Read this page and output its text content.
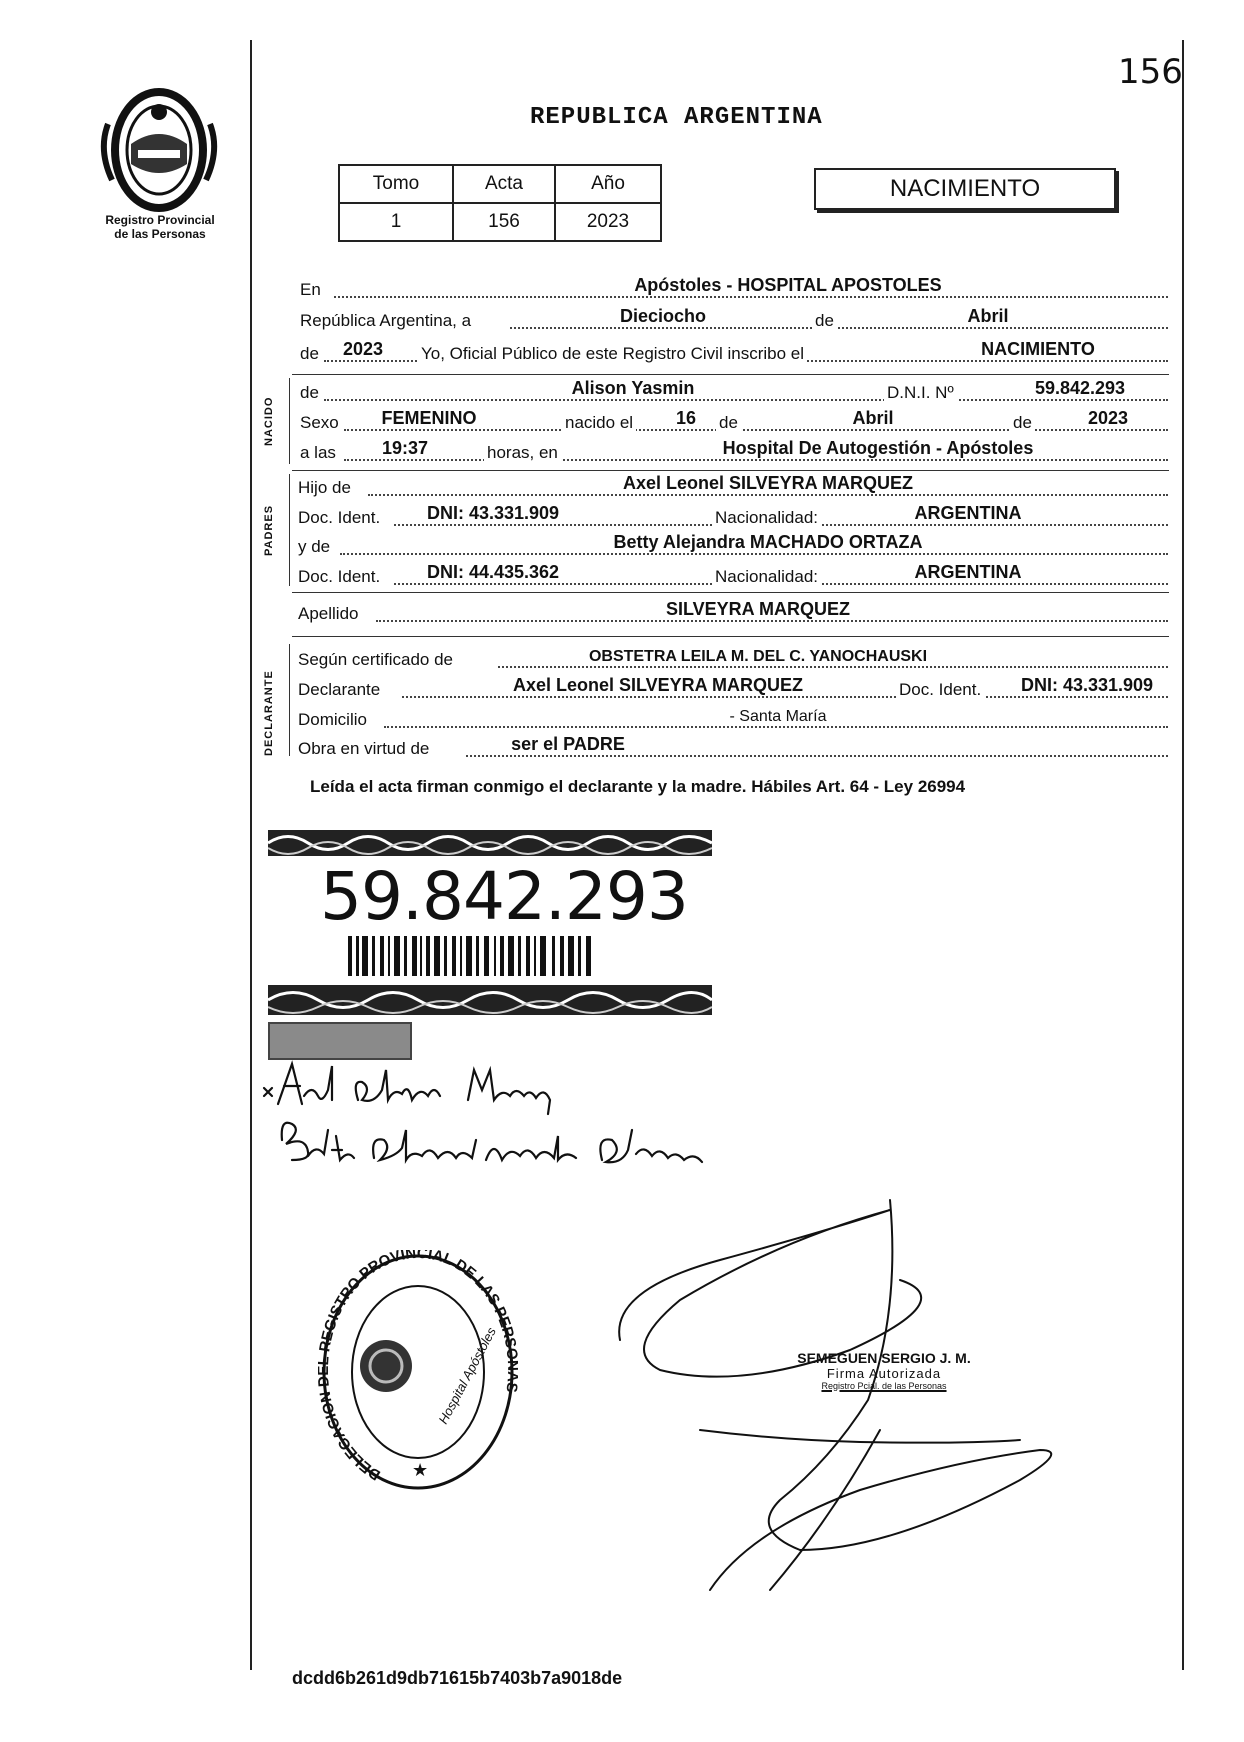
156
Registro Provincial
de las Personas
REPUBLICA ARGENTINA
Tomo	Acta	Año
1	156	2023
NACIMIENTO
En	Apóstoles - HOSPITAL APOSTOLES
República Argentina, a	Dieciocho	de	Abril
de	2023	Yo, Oficial Público de este Registro Civil inscribo el	NACIMIENTO
NACIDO
de	Alison Yasmin	D.N.I. Nº	59.842.293
Sexo	FEMENINO	nacido el	16	de	Abril	de	2023
a las	19:37	horas, en	Hospital De Autogestión - Apóstoles
PADRES
Hijo de	Axel Leonel SILVEYRA MARQUEZ
Doc. Ident.	DNI: 43.331.909	Nacionalidad:	ARGENTINA
y de	Betty Alejandra MACHADO ORTAZA
Doc. Ident.	DNI: 44.435.362	Nacionalidad:	ARGENTINA
Apellido	SILVEYRA MARQUEZ
DECLARANTE
Según certificado de	OBSTETRA LEILA M. DEL C. YANOCHAUSKI
Declarante	Axel Leonel SILVEYRA MARQUEZ	Doc. Ident.	DNI: 43.331.909
Domicilio	- Santa María
Obra en virtud de	ser el PADRE
Leída el acta firman conmigo el declarante y la madre. Hábiles Art. 64 - Ley 26994
59.842.293
DELEGACION REGISTRO PROVINCIAL DE LAS PERS
Hospital Apóstoles
★
SEMEGUEN SERGIO J. M.
Firma Autorizada
Registro Pcial. de las Personas
dcdd6b261d9db71615b7403b7a9018de
